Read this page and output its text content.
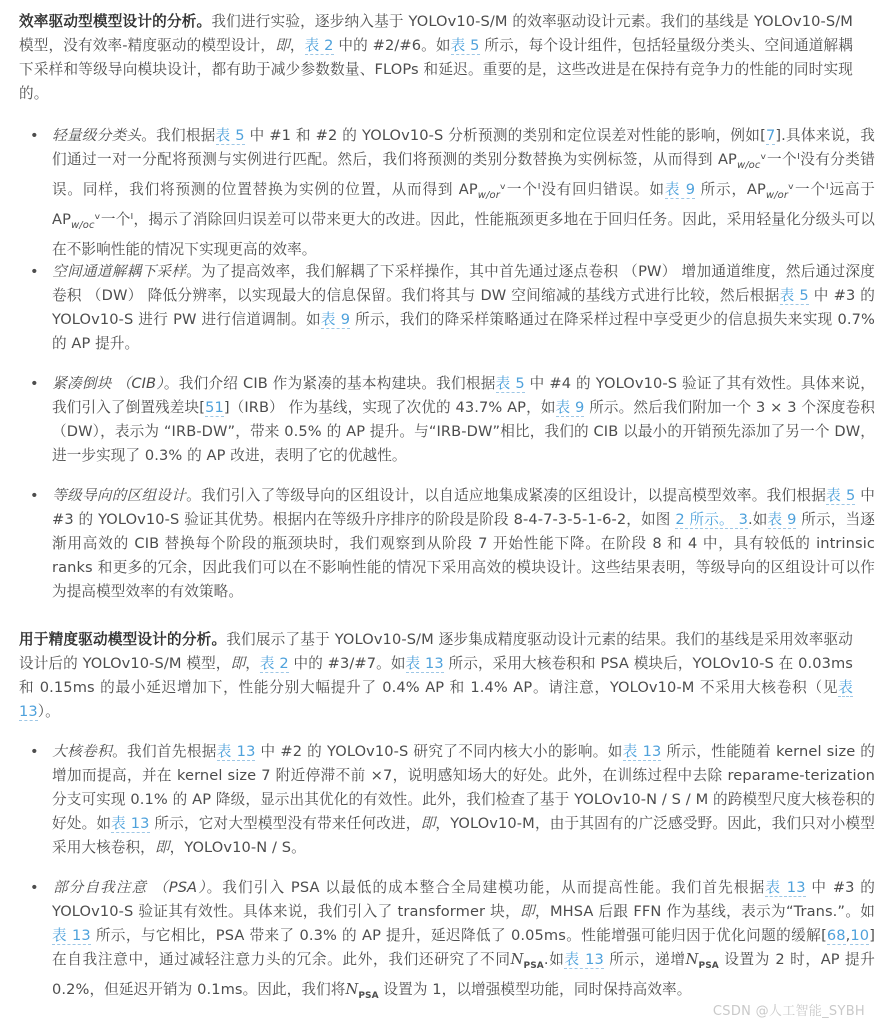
效率驱动型模型设计的分析。我们进行实验，逐步纳入基于 YOLOv10-S/M 的效率驱动设计元素。我们的基线是 YOLOv10-S/M 模型，没有效率-精度驱动的模型设计，即，表 2 中的 #2/#6。如表 5 所示，每个设计组件，包括轻量级分类头、空间通道解耦下采样和等级导向模块设计，都有助于减少参数数量、FLOPs 和延迟。重要的是，这些改进是在保持有竞争力的性能的同时实现的。

• 轻量级分类头。我们根据表 5 中 #1 和 #2 的 YOLOv10-S 分析预测的类别和定位误差对性能的影响，例如[7].具体来说，我们通过一对一分配将预测与实例进行匹配。然后，我们将预测的类别分数替换为实例标签，从而得到 $AP_{w/oc}ᵛ$一个ᴵ没有分类错误。同样，我们将预测的位置替换为实例的位置，从而得到 $AP_{w/or}ᵛ$一个ᴵ没有回归错误。如表 9 所示，$AP_{w/or}ᵛ$一个ᴵ远高于 $AP_{w/oc}ᵛ$一个ᴵ，揭示了消除回归误差可以带来更大的改进。因此，性能瓶颈更多地在于回归任务。因此，采用轻量化分级头可以在不影响性能的情况下实现更高的效率。

• 空间通道解耦下采样。为了提高效率，我们解耦了下采样操作，其中首先通过逐点卷积 （PW） 增加通道维度，然后通过深度卷积 （DW） 降低分辨率，以实现最大的信息保留。我们将其与 DW 空间缩减的基线方式进行比较，然后根据表 5 中 #3 的 YOLOv10-S 进行 PW 进行信道调制。如表 9 所示，我们的降采样策略通过在降采样过程中享受更少的信息损失来实现 0.7% 的 AP 提升。

• 紧凑倒块 （CIB）。我们介绍 CIB 作为紧凑的基本构建块。我们根据表 5 中 #4 的 YOLOv10-S 验证了其有效性。具体来说，我们引入了倒置残差块[51]（IRB） 作为基线，实现了次优的 43.7% AP，如表 9 所示。然后我们附加一个 3 × 3 个深度卷积 （DW），表示为 “IRB-DW”，带来 0.5% 的 AP 提升。与“IRB-DW”相比，我们的 CIB 以最小的开销预先添加了另一个 DW，进一步实现了 0.3% 的 AP 改进，表明了它的优越性。

• 等级导向的区组设计。我们引入了等级导向的区组设计，以自适应地集成紧凑的区组设计，以提高模型效率。我们根据表 5 中 #3 的 YOLOv10-S 验证其优势。根据内在等级升序排序的阶段是阶段 8-4-7-3-5-1-6-2，如图 2 所示。 3.如表 9 所示，当逐渐用高效的 CIB 替换每个阶段的瓶颈块时，我们观察到从阶段 7 开始性能下降。在阶段 8 和 4 中，具有较低的 intrinsic ranks 和更多的冗余，因此我们可以在不影响性能的情况下采用高效的模块设计。这些结果表明，等级导向的区组设计可以作为提高模型效率的有效策略。

用于精度驱动模型设计的分析。我们展示了基于 YOLOv10-S/M 逐步集成精度驱动设计元素的结果。我们的基线是采用效率驱动设计后的 YOLOv10-S/M 模型，即，表 2 中的 #3/#7。如表 13 所示，采用大核卷积和 PSA 模块后，YOLOv10-S 在 0.03ms 和 0.15ms 的最小延迟增加下，性能分别大幅提升了 0.4% AP 和 1.4% AP。请注意，YOLOv10-M 不采用大核卷积（见表 13）。

• 大核卷积。我们首先根据表 13 中 #2 的 YOLOv10-S 研究了不同内核大小的影响。如表 13 所示，性能随着 kernel size 的增加而提高，并在 kernel size 7 附近停滞不前 ×7，说明感知场大的好处。此外，在训练过程中去除 reparame-terization 分支可实现 0.1% 的 AP 降级，显示出其优化的有效性。此外，我们检查了基于 YOLOv10-N / S / M 的跨模型尺度大核卷积的好处。如表 13 所示，它对大型模型没有带来任何改进，即，YOLOv10-M，由于其固有的广泛感受野。因此，我们只对小模型采用大核卷积，即，YOLOv10-N / S。

• 部分自我注意 （PSA）。我们引入 PSA 以最低的成本整合全局建模功能，从而提高性能。我们首先根据表 13 中 #3 的 YOLOv10-S 验证其有效性。具体来说，我们引入了 transformer 块，即，MHSA 后跟 FFN 作为基线，表示为“Trans.”。如表 13 所示，与它相比，PSA 带来了 0.3% 的 AP 提升，延迟降低了 0.05ms。性能增强可能归因于优化问题的缓解[68,10]在自我注意中，通过减轻注意力头的冗余。此外，我们还研究了不同$N_{PSA}$.如表 13 所示，递增$N_{PSA}$ 设置为 2 时，AP 提升 0.2%，但延迟开销为 0.1ms。因此，我们将$N_{PSA}$ 设置为 1，以增强模型功能，同时保持高效率。

CSDN @人工智能_SYBH
